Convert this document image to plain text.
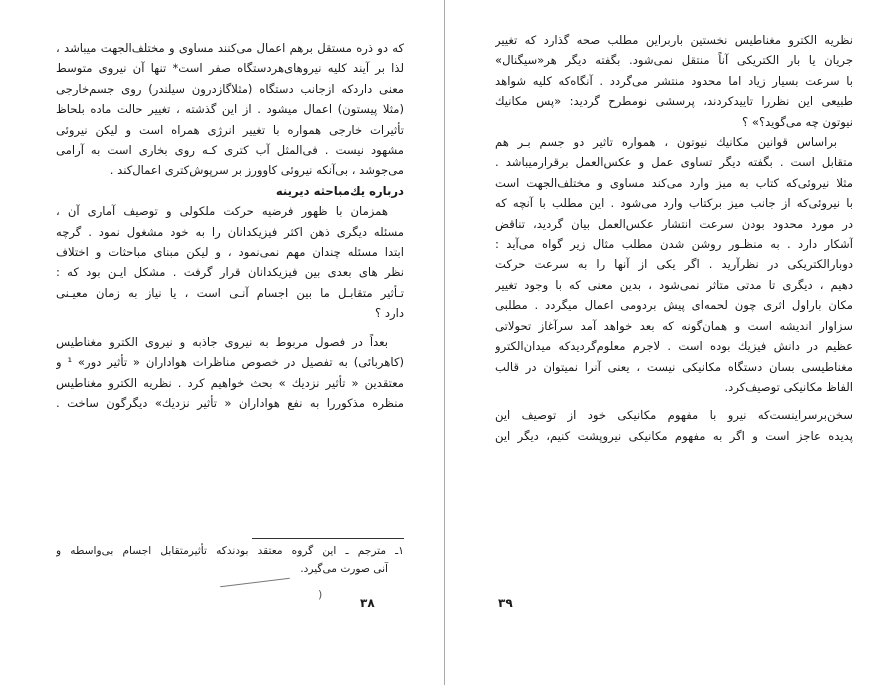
که دو ذره مستقل برهم اعمال می‌کنند مساوی و مختلف‌الجهت میباشد ،
لذا بر آیند کلیه نیروهای‌هردستگاه صفر است* تنها آن نیروی متوسط
معنی داردکه ازجانب دستگاه (مثلاگازدرون سیلندر) روی جسم‌خارجی
(مثلا پیستون) اعمال میشود . از این‌ گذشته ، تغییر حالت ماده بلحاظ
تأثیرات خارجی همواره با تغییر انرژی همراه است و لیکن نیروئی
مشهود نیست . فی‌المثل آب کتری کـه روی بخاری است به آرامی
می‌جوشد ، بی‌آنکه نیروئی کاوورز بر سرپوش‌کتری اعمال‌کند .
درباره یك‌مباحثه دیرینه
همزمان با ظهور فرضیه حرکت ملکولی و توصیف آماری آن ،
مسئله دیگری ذهن اکثر فیزیکدانان را به خود مشغول نمود . گرچه
ابتدا مسئله چندان مهم نمی‌نمود ، و لیکن مبنای مباحثات و اختلاف
نظر های بعدی بین فیزیکدانان قرار گرفت . مشکل ایـن بود که :
تـأثیر متقابـل ما بین اجسام آنـی است ، یا نیاز به زمان معیـنی
دارد ؟
بعداً در فصول مربوط به نیروی جاذبه و نیروی الکترو مغناطیس
(کاهربائی) به تفصیل در خصوص مناظرات هواداران « تأثیر دور» ¹ و
معتقدین « تأثیر نزدیك » بحث خواهیم کرد . نظریه الکترو مغناطیس
منظره مذکوررا به نفع هواداران « تأثیر نزدیك» دیگرگون ساخت .
۱ـ مترجم ـ این گروه معتقد بودندکه تأثیرمتقابل اجسام بی‌واسطه و
آنی صورت می‌گیرد.
)
۳۸
نظریه الکترو مغناطیس نخستین باربراین مطلب صحه گذارد که تغییر
جریان یا بار الکتریکی آناً منتقل نمی‌شود. بگفته دیگر هر«سیگنال»
با سرعت بسیار زیاد اما محدود منتشر می‌گردد . آنگاه‌که کلیه شواهد
طبیعی این نظررا تاییدکردند، پرسشی نومطرح گردید: «پس مکانیك
نیوتون چه می‌گوید؟» ؟
براساس قوانین مکانیك نیوتون ، همواره تاثیر دو جسم بـر هم
متقابل است . بگفته دیگر تساوی عمل و عکس‌العمل برقرارمیباشد .
مثلا نیروئی‌که کتاب به میز وارد می‌کند مساوی و مختلف‌الجهت است
با نیروئی‌که از جانب میز برکتاب وارد می‌شود . این مطلب با آنچه که
در مورد محدود بودن سرعت انتشار عکس‌العمل بیان گردید، تناقض
آشکار دارد . به منظـور روشن شدن مطلب مثال زیر گواه می‌آید :
دوبارالکتریکی در نظرآرید . اگر یکی از آنها را به سرعت حرکت
دهیم ، دیگری تا مدتی متاثر نمی‌شود ، بدین معنی که با وجود تغییر
مکان باراول اثری چون لحمه‌ای پیش بردومی اعمال میگردد . مطلبی
سزاوار اندیشه است و همان‌گونه که بعد خواهد آمد سرآغاز تحولاتی
عظیم در دانش فیزیك بوده است . لاجرم معلوم‌گردیدکه میدان‌الکترو
مغناطیسی بسان دستگاه مکانیکی نیست ، یعنی آنرا نمیتوان در قالب
الفاظ مکانیکی توصیف‌کرد.
سخن‌برسراینست‌که نیرو با مفهوم مکانیکی خود از توصیف این
پدیده عاجز است و اگر به مفهوم مکانیکی نیروپشت کنیم، دیگر این
۳۹
